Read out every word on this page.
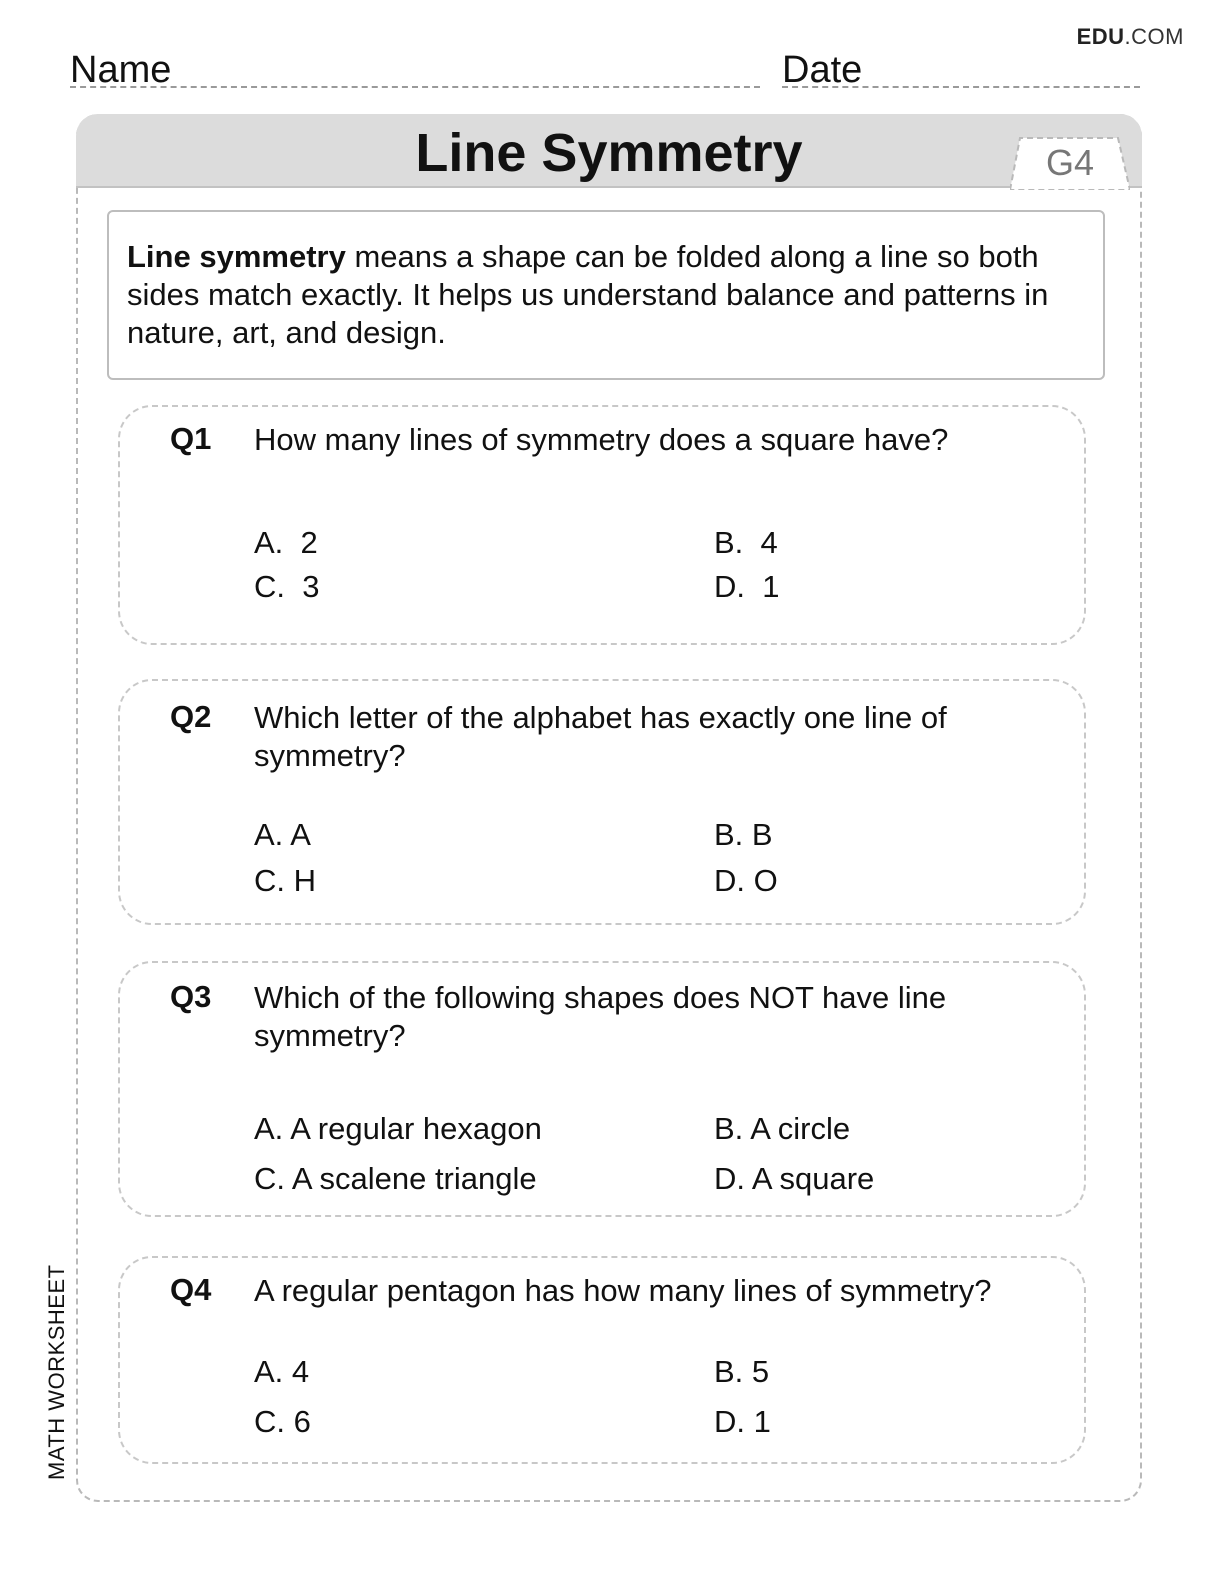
EDU.COM
Name	Date
Line Symmetry	G4
Line symmetry means a shape can be folded along a line so both sides match exactly. It helps us understand balance and patterns in nature, art, and design.
Q1 How many lines of symmetry does a square have?
A. 2	B. 4
C. 3	D. 1
Q2 Which letter of the alphabet has exactly one line of symmetry?
A. A	B. B
C. H	D. O
Q3 Which of the following shapes does NOT have line symmetry?
A. A regular hexagon	B. A circle
C. A scalene triangle	D. A square
Q4 A regular pentagon has how many lines of symmetry?
A. 4	B. 5
C. 6	D. 1
MATH WORKSHEET
